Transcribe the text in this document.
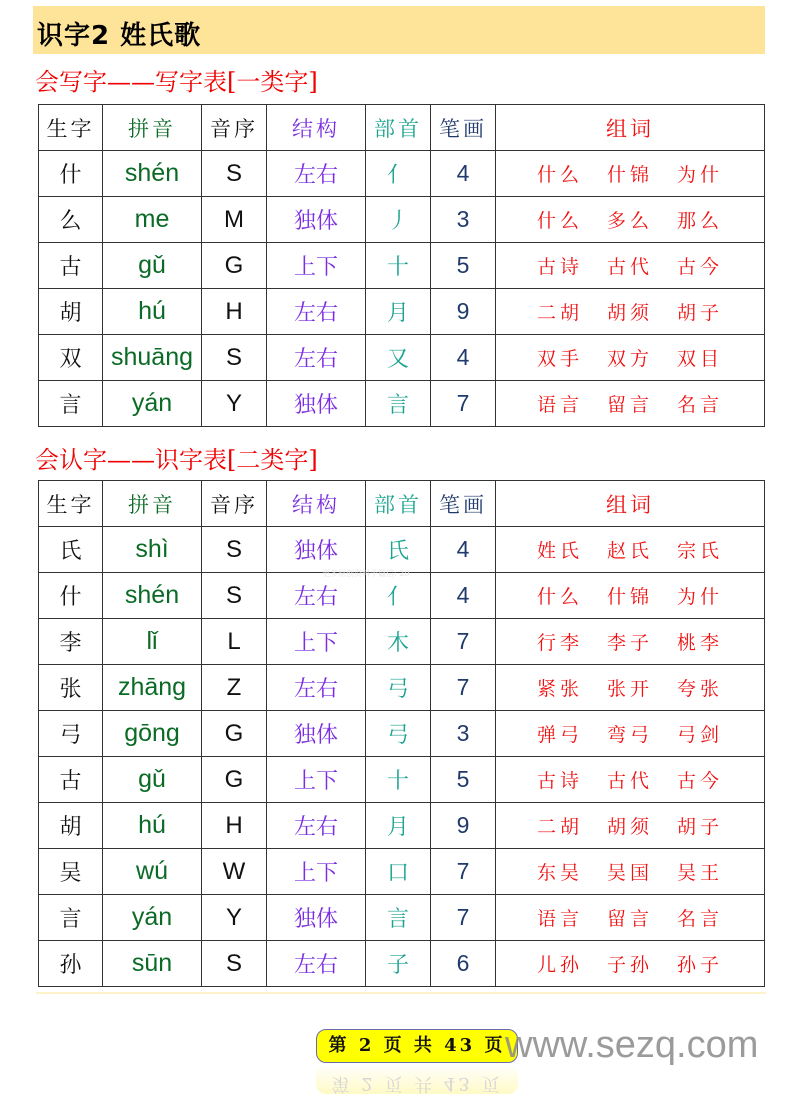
识字2 姓氏歌
会写字——写字表[一类字]
生字	拼音	音序	结构	部首	笔画	组词
什	shén	S	左右	亻	4	什么 什锦 为什
么	me	M	独体	丿	3	什么 多么 那么
古	gǔ	G	上下	十	5	古诗 古代 古今
胡	hú	H	左右	月	9	二胡 胡须 胡子
双	shuāng	S	左右	又	4	双手 双方 双目
言	yán	Y	独体	言	7	语言 留言 名言
会认字——识字表[二类字]
生字	拼音	音序	结构	部首	笔画	组词
氏	shì	S	独体	氏	4	姓氏 赵氏 宗氏
什	shén	S	左右	亻	4	什么 什锦 为什
李	lǐ	L	上下	木	7	行李 李子 桃李
张	zhāng	Z	左右	弓	7	紧张 张开 夸张
弓	gōng	G	独体	弓	3	弹弓 弯弓 弓剑
古	gǔ	G	上下	十	5	古诗 古代 古今
胡	hú	H	左右	月	9	二胡 胡须 胡子
吴	wú	W	上下	口	7	东吴 吴国 吴王
言	yán	Y	独体	言	7	语言 留言 名言
孙	sūn	S	左右	子	6	儿孙 子孙 孙子
更多原创资料千篇信: 20
第 2 页 共 43 页
第 2 页 共 43 页
www.sezq.com
